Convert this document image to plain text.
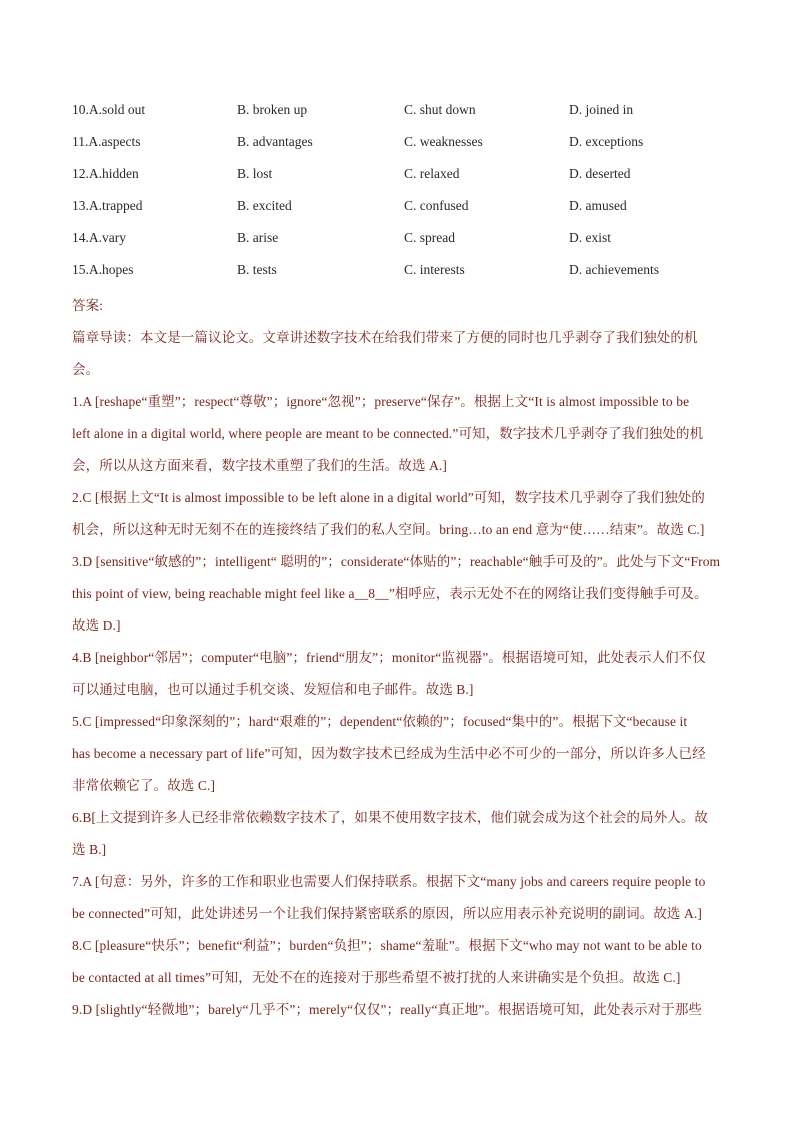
10.A.sold out	B. broken up	C. shut down	D. joined in
11.A.aspects	B. advantages	C. weaknesses	D. exceptions
12.A.hidden	B. lost	C. relaxed	D. deserted
13.A.trapped	B. excited	C. confused	D. amused
14.A.vary	B. arise	C. spread	D. exist
15.A.hopes	B. tests	C. interests	D. achievements

答案:

篇章导读：本文是一篇议论文。文章讲述数字技术在给我们带来了方便的同时也几乎剥夺了我们独处的机

会。

1.A [reshape“重塑”；respect“尊敬”；ignore“忽视”；preserve“保存”。根据上文“It is almost impossible to be

left alone in a digital world, where people are meant to be connected.”可知，数字技术几乎剥夺了我们独处的机

会，所以从这方面来看，数字技术重塑了我们的生活。故选 A.]

2.C [根据上文“It is almost impossible to be left alone in a digital world”可知，数字技术几乎剥夺了我们独处的

机会，所以这种无时无刻不在的连接终结了我们的私人空间。bring…to an end 意为“使……结束”。故选 C.]

3.D [sensitive“敏感的”；intelligent“ 聪明的”；considerate“体贴的”；reachable“触手可及的”。此处与下文“From

this point of view, being reachable might feel like a__8__”相呼应，表示无处不在的网络让我们变得触手可及。

故选 D.]

4.B [neighbor“邻居”；computer“电脑”；friend“朋友”；monitor“监视器”。根据语境可知，此处表示人们不仅

可以通过电脑，也可以通过手机交谈、发短信和电子邮件。故选 B.]

5.C [impressed“印象深刻的”；hard“艰难的”；dependent“依赖的”；focused“集中的”。根据下文“because it

has become a necessary part of life”可知，因为数字技术已经成为生活中必不可少的一部分，所以许多人已经

非常依赖它了。故选 C.]

6.B[上文提到许多人已经非常依赖数字技术了，如果不使用数字技术，他们就会成为这个社会的局外人。故

选 B.]

7.A [句意：另外，许多的工作和职业也需要人们保持联系。根据下文“many jobs and careers require people to

be connected”可知，此处讲述另一个让我们保持紧密联系的原因，所以应用表示补充说明的副词。故选 A.]

8.C [pleasure“快乐”；benefit“利益”；burden“负担”；shame“羞耻”。根据下文“who may not want to be able to

be contacted at all times”可知，无处不在的连接对于那些希望不被打扰的人来讲确实是个负担。故选 C.]

9.D [slightly“轻微地”；barely“几乎不”；merely“仅仅”；really“真正地”。根据语境可知，此处表示对于那些
